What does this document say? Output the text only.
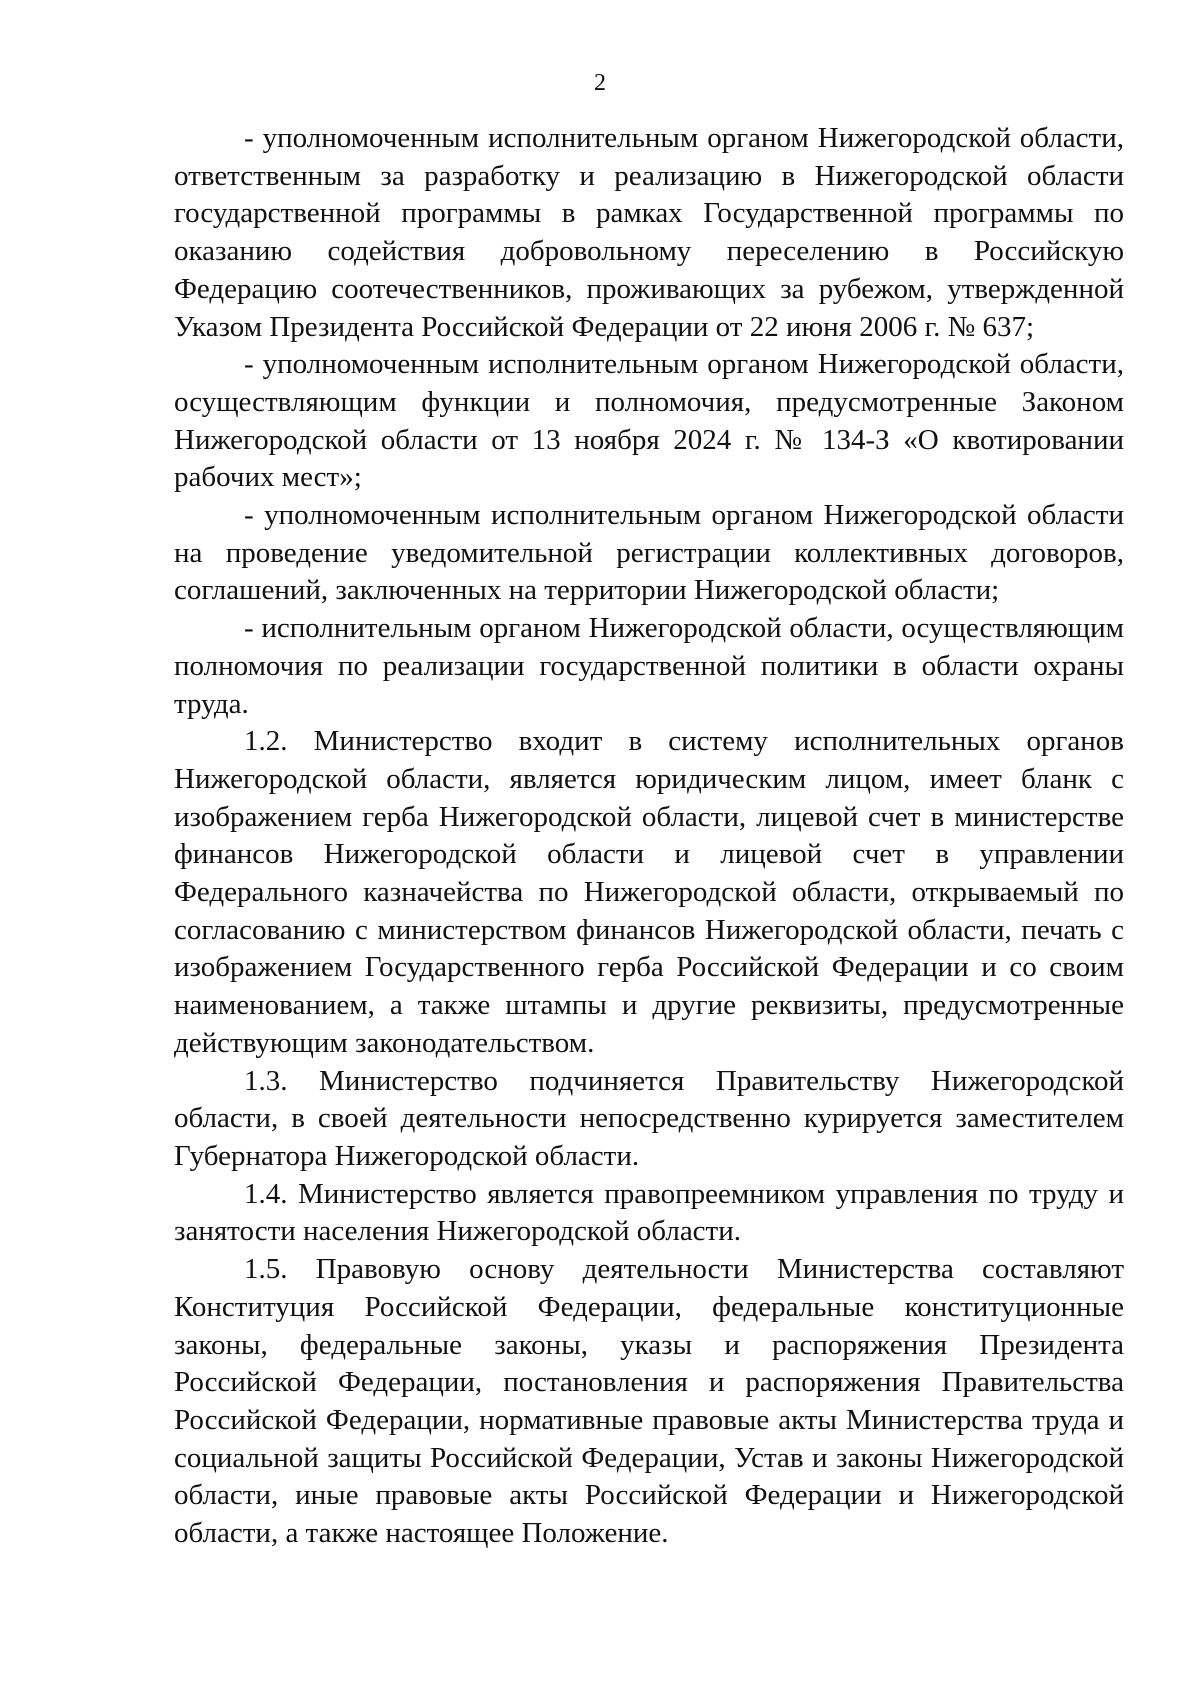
2

- уполномоченным исполнительным органом Нижегородской области, ответственным за разработку и реализацию в Нижегородской области государственной программы в рамках Государственной программы по оказанию содействия добровольному переселению в Российскую Федерацию соотечественников, проживающих за рубежом, утвержденной Указом Президента Российской Федерации от 22 июня 2006 г. № 637;

- уполномоченным исполнительным органом Нижегородской области, осуществляющим функции и полномочия, предусмотренные Законом Нижегородской области от 13 ноября 2024 г. № 134-З «О квотировании рабочих мест»;

- уполномоченным исполнительным органом Нижегородской области на проведение уведомительной регистрации коллективных договоров, соглашений, заключенных на территории Нижегородской области;

- исполнительным органом Нижегородской области, осуществляющим полномочия по реализации государственной политики в области охраны труда.

1.2. Министерство входит в систему исполнительных органов Нижегородской области, является юридическим лицом, имеет бланк с изображением герба Нижегородской области, лицевой счет в министерстве финансов Нижегородской области и лицевой счет в управлении Федерального казначейства по Нижегородской области, открываемый по согласованию с министерством финансов Нижегородской области, печать с изображением Государственного герба Российской Федерации и со своим наименованием, а также штампы и другие реквизиты, предусмотренные действующим законодательством.

1.3. Министерство подчиняется Правительству Нижегородской области, в своей деятельности непосредственно курируется заместителем Губернатора Нижегородской области.

1.4. Министерство является правопреемником управления по труду и занятости населения Нижегородской области.

1.5. Правовую основу деятельности Министерства составляют Конституция Российской Федерации, федеральные конституционные законы, федеральные законы, указы и распоряжения Президента Российской Федерации, постановления и распоряжения Правительства Российской Федерации, нормативные правовые акты Министерства труда и социальной защиты Российской Федерации, Устав и законы Нижегородской области, иные правовые акты Российской Федерации и Нижегородской области, а также настоящее Положение.
